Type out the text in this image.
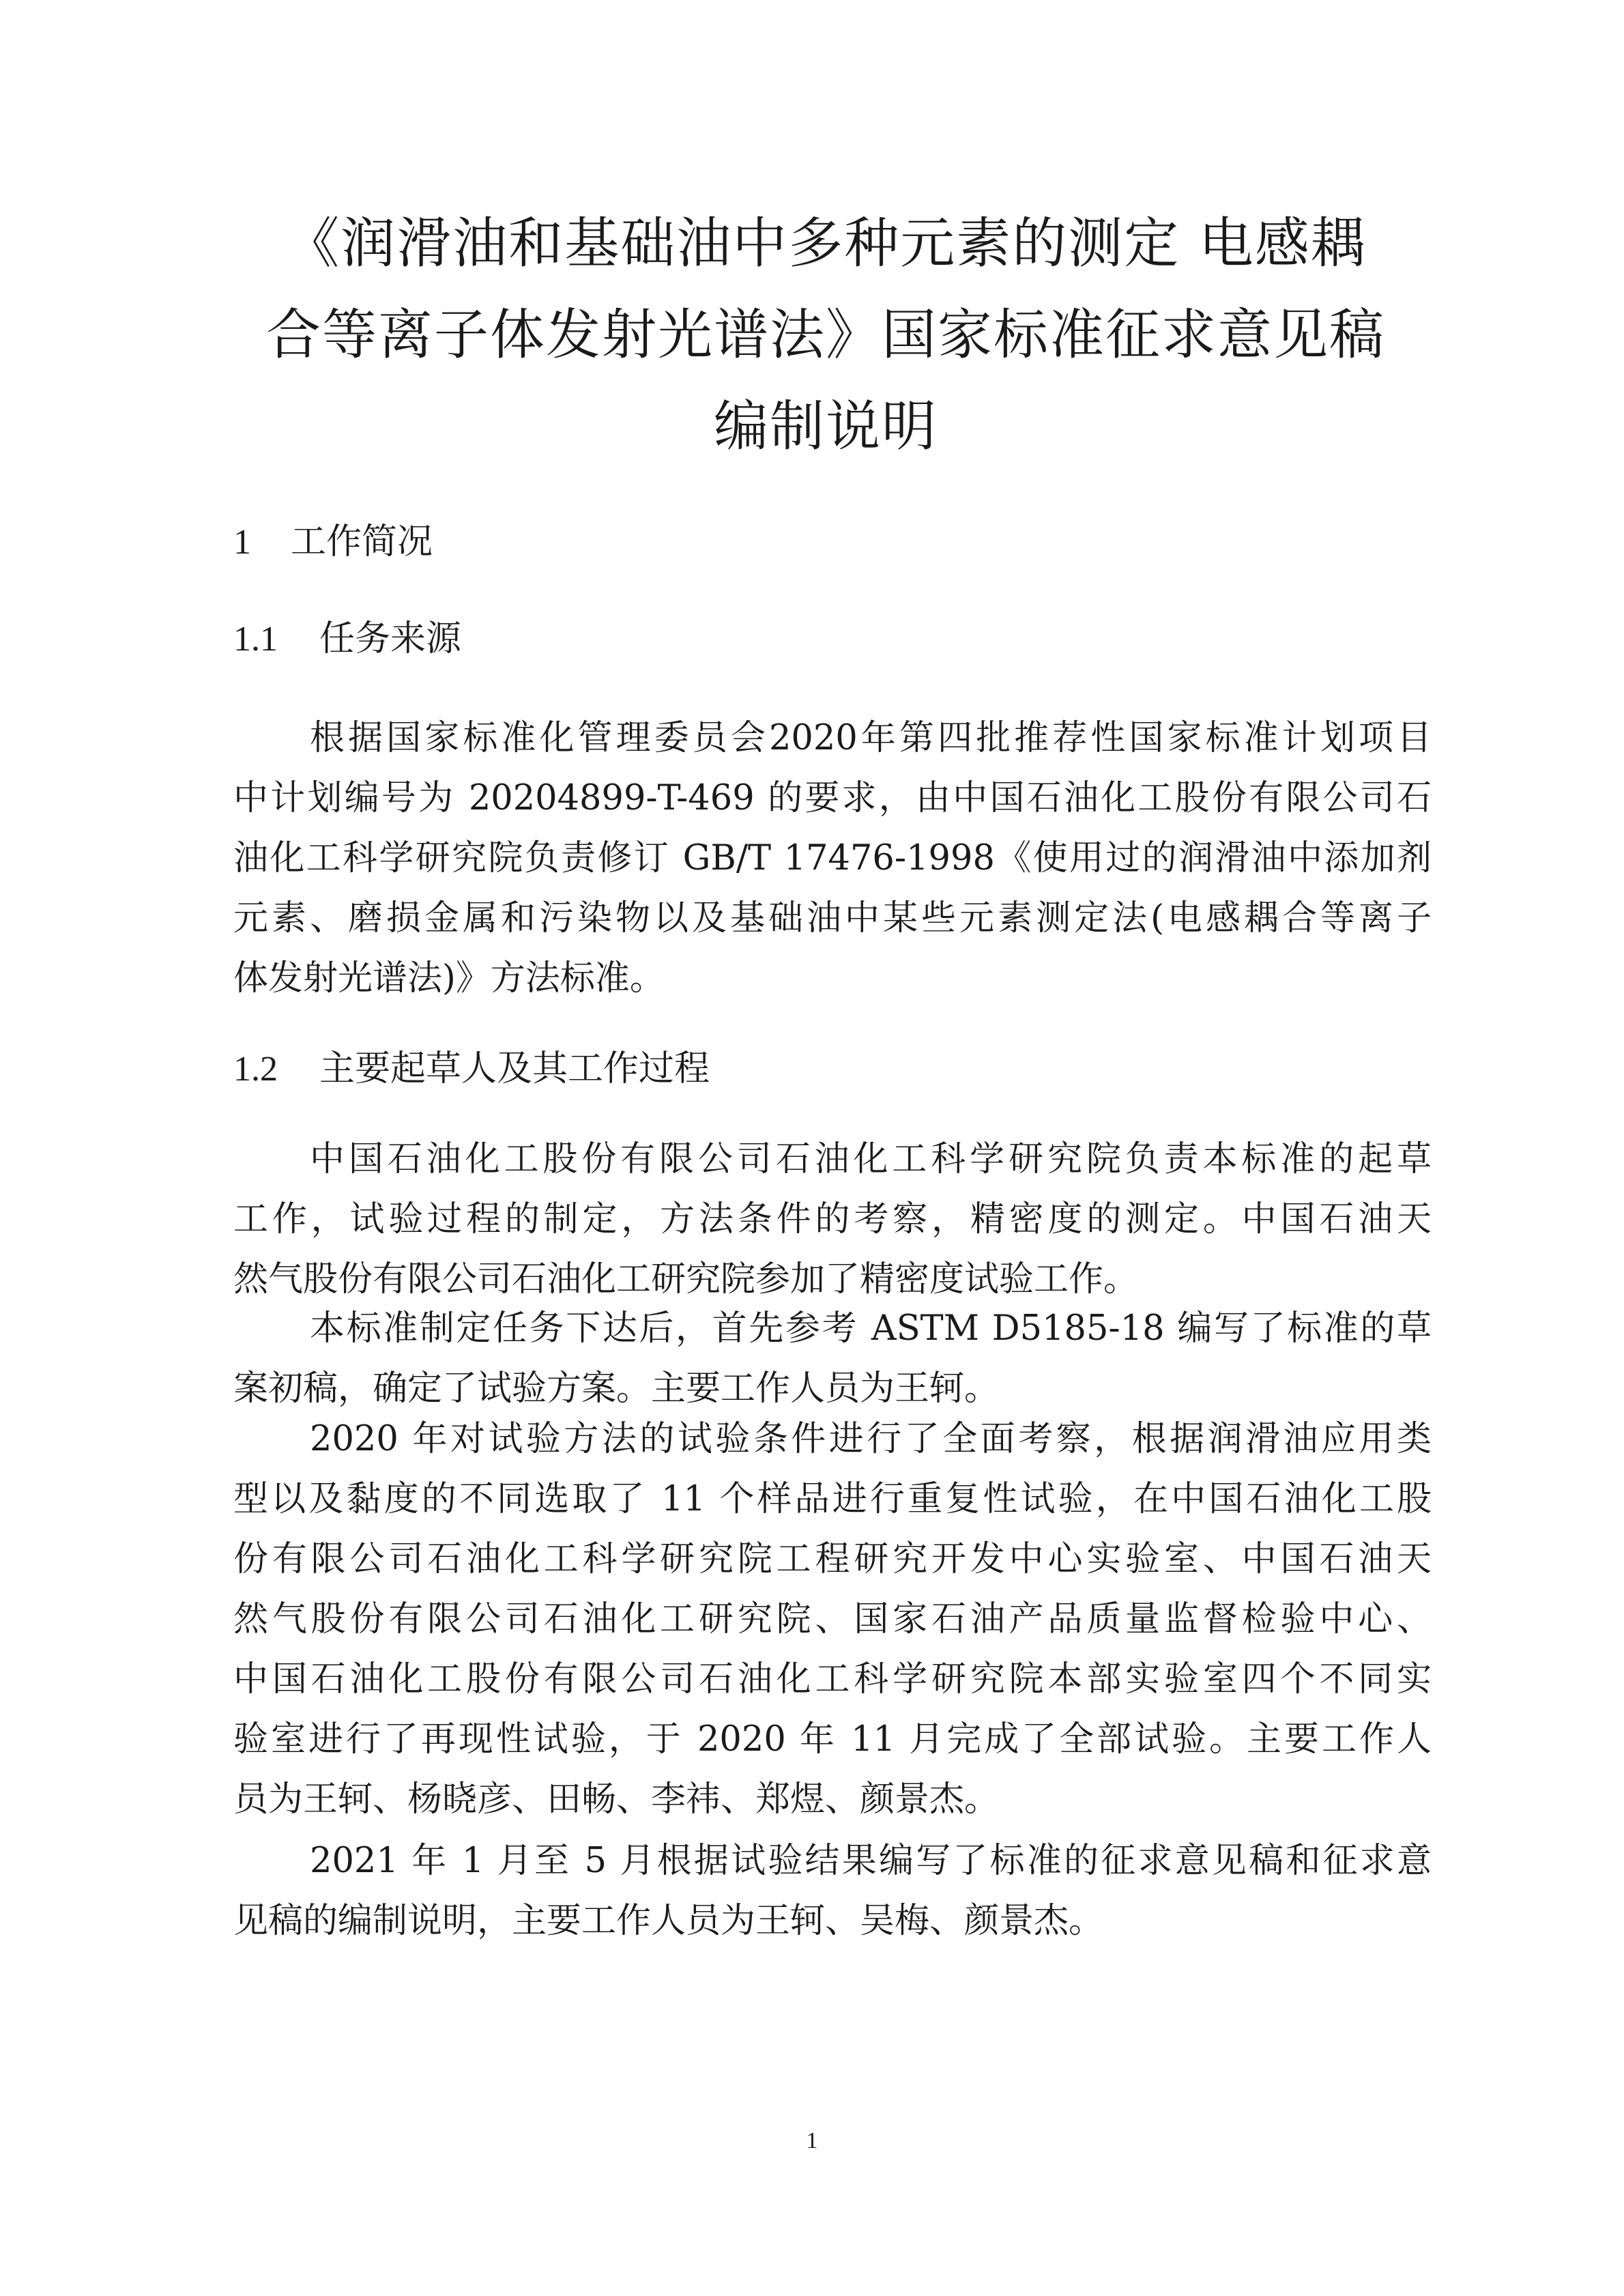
《润滑油和基础油中多种元素的测定 电感耦
合等离子体发射光谱法》国家标准征求意见稿
编制说明
1 工作简况
1.1 任务来源
根据国家标准化管理委员会2020年第四批推荐性国家标准计划项目
中计划编号为 20204899-T-469 的要求，由中国石油化工股份有限公司石
油化工科学研究院负责修订 GB/T 17476-1998《使用过的润滑油中添加剂
元素、磨损金属和污染物以及基础油中某些元素测定法(电感耦合等离子
体发射光谱法)》方法标准。
1.2 主要起草人及其工作过程
中国石油化工股份有限公司石油化工科学研究院负责本标准的起草
工作，试验过程的制定，方法条件的考察，精密度的测定。中国石油天
然气股份有限公司石油化工研究院参加了精密度试验工作。
本标准制定任务下达后，首先参考 ASTM D5185-18 编写了标准的草
案初稿，确定了试验方案。主要工作人员为王轲。
2020 年对试验方法的试验条件进行了全面考察，根据润滑油应用类
型以及黏度的不同选取了 11 个样品进行重复性试验，在中国石油化工股
份有限公司石油化工科学研究院工程研究开发中心实验室、中国石油天
然气股份有限公司石油化工研究院、国家石油产品质量监督检验中心、
中国石油化工股份有限公司石油化工科学研究院本部实验室四个不同实
验室进行了再现性试验，于 2020 年 11 月完成了全部试验。主要工作人
员为王轲、杨晓彦、田畅、李祎、郑煜、颜景杰。
2021 年 1 月至 5 月根据试验结果编写了标准的征求意见稿和征求意
见稿的编制说明，主要工作人员为王轲、吴梅、颜景杰。
1
